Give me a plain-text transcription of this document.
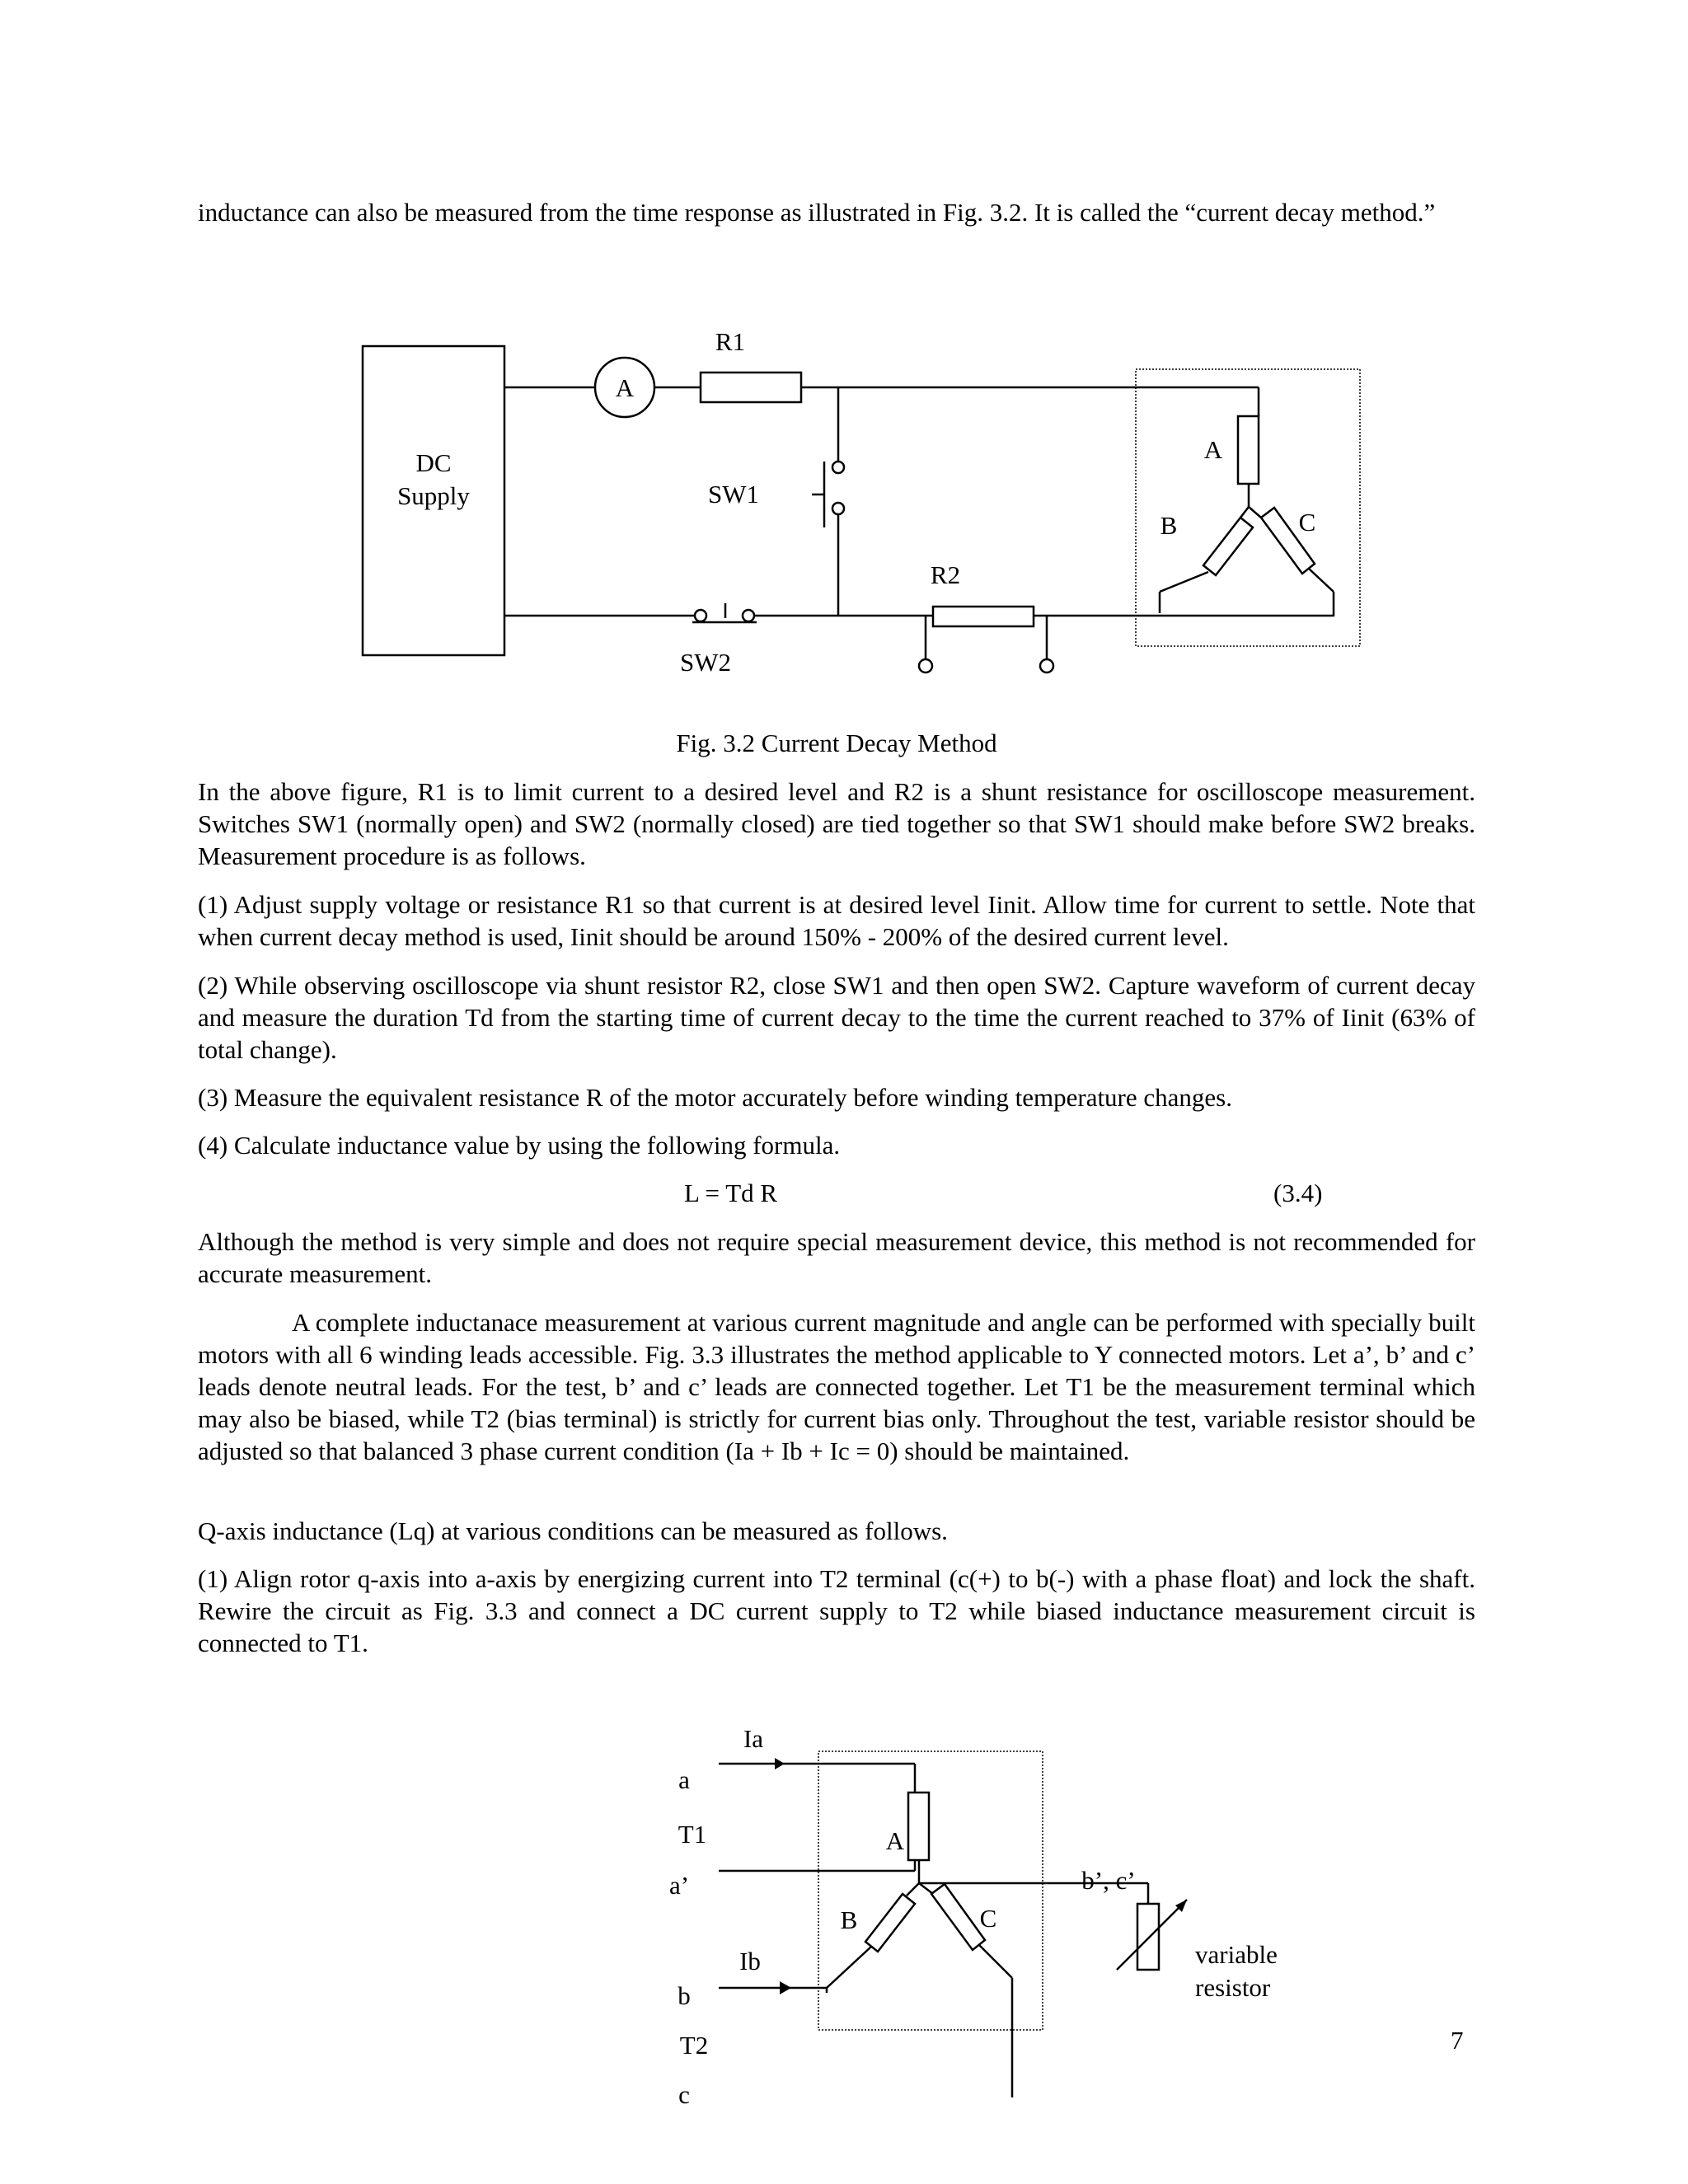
inductance can also be measured from the time response as illustrated in Fig. 3.2. It is called the “current decay method.”

R1
A
DC
Supply	SW1
R2
SW2
A
B	C

Fig. 3.2 Current Decay Method

In the above figure, R1 is to limit current to a desired level and R2 is a shunt resistance for oscilloscope measurement. Switches SW1 (normally open) and SW2 (normally closed) are tied together so that SW1 should make before SW2 breaks. Measurement procedure is as follows.

(1) Adjust supply voltage or resistance R1 so that current is at desired level Iinit. Allow time for current to settle. Note that when current decay method is used, Iinit should be around 150% - 200% of the desired current level.

(2) While observing oscilloscope via shunt resistor R2, close SW1 and then open SW2. Capture waveform of current decay and measure the duration Td from the starting time of current decay to the time the current reached to 37% of Iinit (63% of total change).

(3) Measure the equivalent resistance R of the motor accurately before winding temperature changes.

(4) Calculate inductance value by using the following formula.

L = Td R	(3.4)

Although the method is very simple and does not require special measurement device, this method is not recommended for accurate measurement.

A complete inductanace measurement at various current magnitude and angle can be performed with specially built motors with all 6 winding leads accessible. Fig. 3.3 illustrates the method applicable to Y connected motors. Let a’, b’ and c’ leads denote neutral leads. For the test, b’ and c’ leads are connected together. Let T1 be the measurement terminal which may also be biased, while T2 (bias terminal) is strictly for current bias only. Throughout the test, variable resistor should be adjusted so that balanced 3 phase current condition (Ia + Ib + Ic = 0) should be maintained.

Q-axis inductance (Lq) at various conditions can be measured as follows.

(1) Align rotor q-axis into a-axis by energizing current into T2 terminal (c(+) to b(-) with a phase float) and lock the shaft. Rewire the circuit as Fig. 3.3 and connect a DC current supply to T2 while biased inductance measurement circuit is connected to T1.

Ia
a
T1
a’
A
b’, c’
B	C
Ib
b
variable
resistor
T2
c
7
